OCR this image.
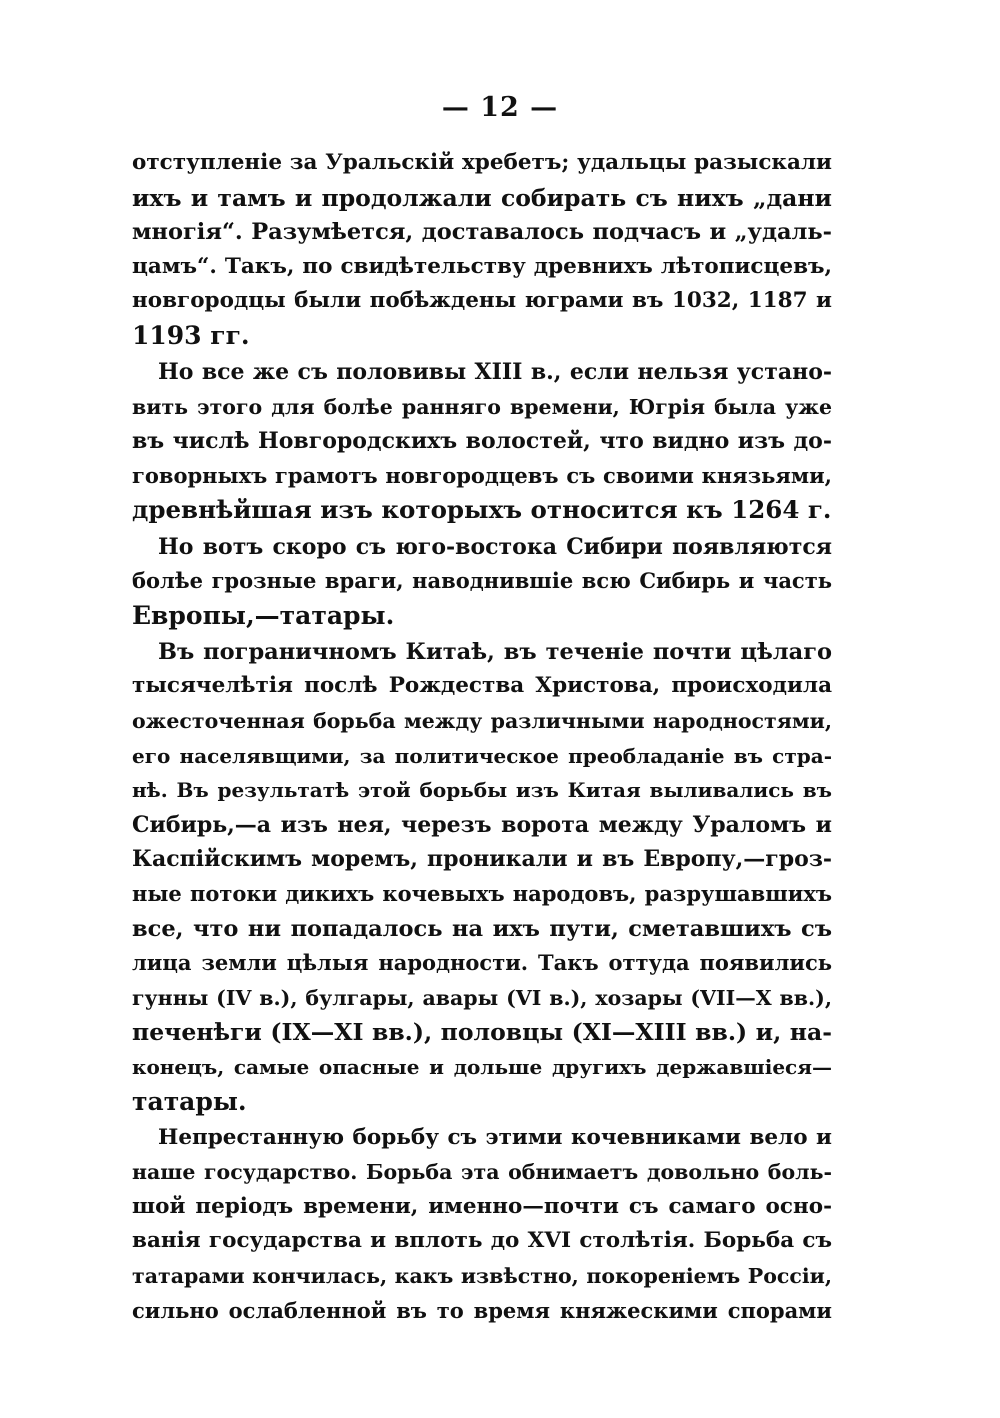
— 12 —
отступленіе за Уральскій хребетъ; удальцы разыскали
ихъ и тамъ и продолжали собирать съ нихъ „дани
многія“. Разумѣется, доставалось подчасъ и „удаль-
цамъ“. Такъ, по свидѣтельству древнихъ лѣтописцевъ,
новгородцы были побѣждены юграми въ 1032, 1187 и
1193 гг.
Но все же съ половивы XIII в., если нельзя устано-
вить этого для болѣе ранняго времени, Югрія была уже
въ числѣ Новгородскихъ волостей, что видно изъ до-
говорныхъ грамотъ новгородцевъ съ своими князьями,
древнѣйшая изъ которыхъ относится къ 1264 г.
Но вотъ скоро съ юго-востока Сибири появляются
болѣе грозные враги, наводнившіе всю Сибирь и часть
Европы,—татары.
Въ пограничномъ Китаѣ, въ теченіе почти цѣлаго
тысячелѣтія послѣ Рождества Христова, происходила
ожесточенная борьба между различными народностями,
его населявщими, за политическое преобладаніе въ стра-
нѣ. Въ результатѣ этой борьбы изъ Китая выливались въ
Сибирь,—а изъ нея, черезъ ворота между Ураломъ и
Каспійскимъ моремъ, проникали и въ Европу,—гроз-
ные потоки дикихъ кочевыхъ народовъ, разрушавшихъ
все, что ни попадалось на ихъ пути, сметавшихъ съ
лица земли цѣлыя народности. Такъ оттуда появились
гунны (IV в.), булгары, авары (VI в.), хозары (VII—X вв.),
печенѣги (IX—XI вв.), половцы (XI—XIII вв.) и, на-
конецъ, самые опасные и дольше другихъ державшіеся—
татары.
Непрестанную борьбу съ этими кочевниками вело и
наше государство. Борьба эта обнимаетъ довольно боль-
шой періодъ времени, именно—почти съ самаго осно-
ванія государства и вплоть до XVI столѣтія. Борьба съ
татарами кончилась, какъ извѣстно, покореніемъ Россіи,
сильно ослабленной въ то время княжескими спорами
